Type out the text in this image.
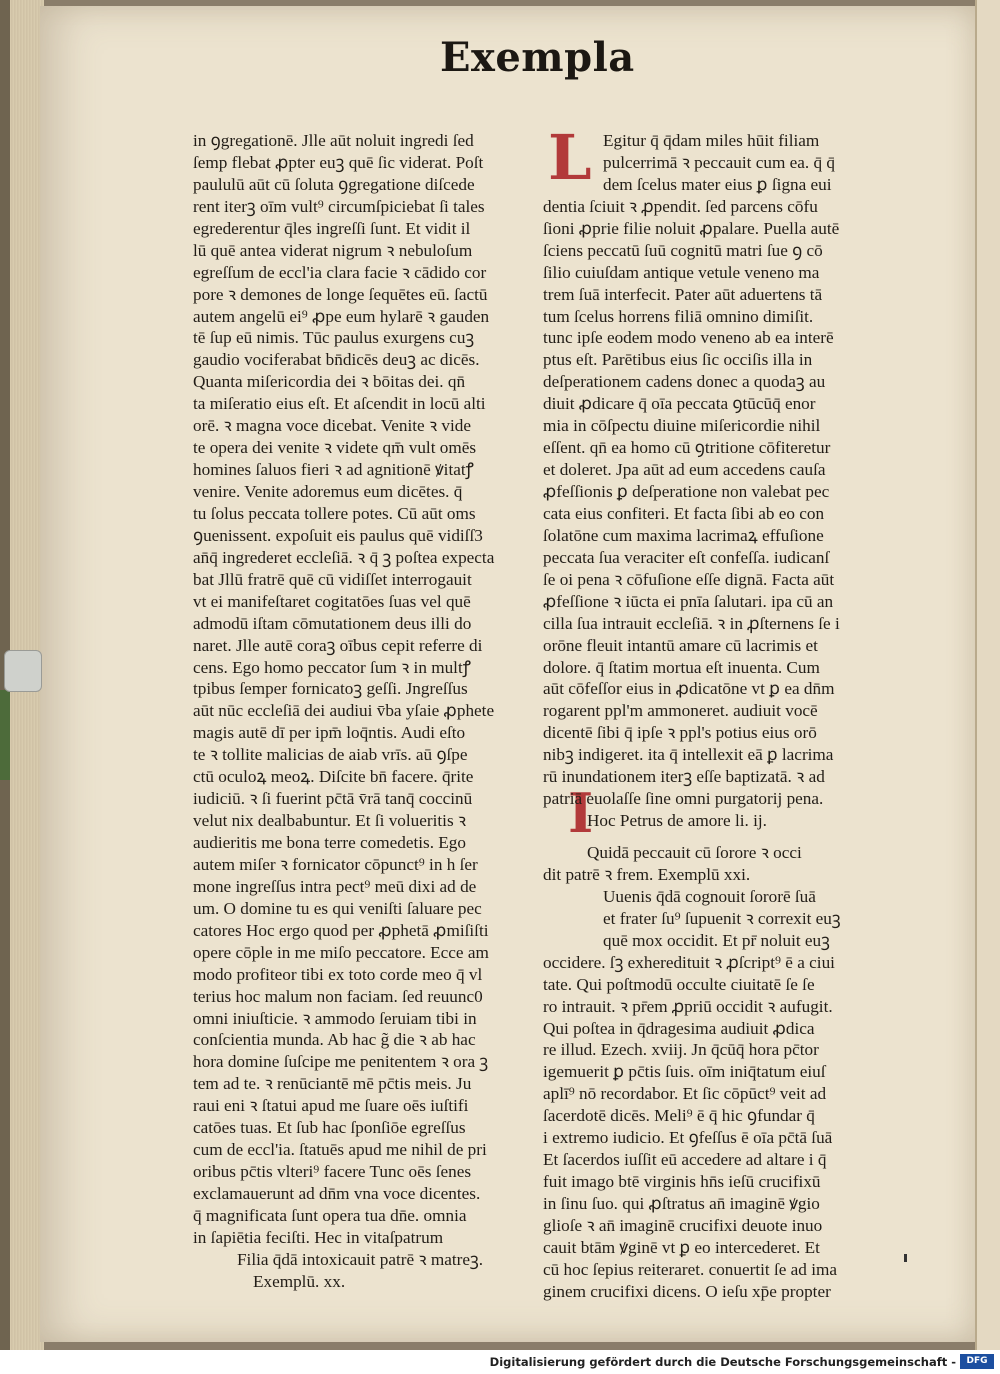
Exempla
L
I
in ꝯgregationē. Jlle aūt noluit ingredi ſed
ſemp flebat ꝓpter euꝫ quē ſic viderat. Poſt
paululū aūt cū ſoluta ꝯgregatione diſcede
rent iterꝫ oīm vult⁹ circumſpiciebat ſi tales
egrederentur q̄les ingreſſi ſunt. Et vidit il
lū quē antea viderat nigrum ꝛ nebuloſum
egreſſum de eccl'ia clara facie ꝛ cādido cor
pore ꝛ demones de longe ſequētes eū. ſactū
autem angelū ei⁹ ꝓpe eum hylarē ꝛ gauden
tē ſup eū nimis. Tūc paulus exurgens cuꝫ
gaudio vociferabat bn̄dicēs deuꝫ ac dicēs.
Quanta miſericordia dei ꝛ bōitas dei. qn̄
ta miſeratio eius eſt. Et aſcendit in locū alti
orē. ꝛ magna voce dicebat. Venite ꝛ vide
te opera dei venite ꝛ videte qm̄ vult omēs
homines ſaluos fieri ꝛ ad agnitionē ꝟitatꝭ
venire. Venite adoremus eum dicētes. q̄
tu ſolus peccata tollere potes. Cū aūt oms
ꝯuenissent. expoſuit eis paulus quē vidiſſ3
an̄q̄ ingrederet eccleſiā. ꝛ q̄ ꝫ poſtea expecta
bat Jllū fratrē quē cū vidiſſet interrogauit
vt ei manifeſtaret cogitatōes ſuas vel quē
admodū iſtam cōmutationem deus illi do
naret. Jlle autē coraꝫ oībus cepit referre di
cens. Ego homo peccator ſum ꝛ in multꝭ
tpibus ſemper fornicatoꝫ geſſi. Jngreſſus
aūt nūc eccleſiā dei audiui v̄ba yſaie ꝓphete
magis autē dī per ipm̄ loq̄ntis. Audi eſto
te ꝛ tollite malicias de aiab vrīs. aū ꝯſpe
ctū oculoꝝ meoꝝ. Diſcite bn̄ facere. q̄rite
iudiciū. ꝛ ſi fuerint pc̄tā v̄rā tanq̄ coccinū
velut nix dealbabuntur. Et ſi volueritis ꝛ
audieritis me bona terre comedetis. Ego
autem miſer ꝛ fornicator cōpunct⁹ in h ſer
mone ingreſſus intra pect⁹ meū dixi ad de
um. O domine tu es qui veniſti ſaluare pec
catores Hoc ergo quod per ꝓphetā ꝓmiſiſti
opere cōple in me miſo peccatore. Ecce am
modo profiteor tibi ex toto corde meo q̄ vl
terius hoc malum non faciam. ſed reuunc0
omni iniuſticie. ꝛ ammodo ſeruiam tibi in
conſcientia munda. Ab hac g̃ die ꝛ ab hac
hora domine ſuſcipe me penitentem ꝛ ora ꝫ
tem ad te. ꝛ renūciantē mē pc̄tis meis. Ju
raui eni ꝛ ſtatui apud me ſuare oēs iuſtifi
catōes tuas. Et ſub hac ſponſiōe egreſſus
cum de eccl'ia. ſtatuēs apud me nihil de pri
oribus pc̄tis vlteri⁹ facere Tunc oēs ſenes
exclamauerunt ad dn̄m vna voce dicentes.
q̄ magnificata ſunt opera tua dn̄e. omnia
in ſapiētia feciſti. Hec in vitaſpatrum
Filia q̄dā intoxicauit patrē ꝛ matreꝫ.
Exemplū. xx.
Egitur q̄ q̄dam miles hūit filiam
pulcerrimā ꝛ peccauit cum ea. q̄ q̄
dem ſcelus mater eius ꝑ ſigna eui
dentia ſciuit ꝛ ꝓpendit. ſed parcens cōfu
ſioni ꝓprie filie noluit ꝓpalare. Puella autē
ſciens peccatū ſuū cognitū matri ſue ꝯ cō
ſilio cuiuſdam antique vetule veneno ma
trem ſuā interfecit. Pater aūt aduertens tā
tum ſcelus horrens filiā omnino dimiſit.
tunc ipſe eodem modo veneno ab ea interē
ptus eſt. Parētibus eius ſic occiſis illa in
deſperationem cadens donec a quodaꝫ au
diuit ꝓdicare q̄ oīa peccata ꝯtūcūq̄ enor
mia in cōſpectu diuine miſericordie nihil
eſſent. qn̄ ea homo cū ꝯtritione cōfiteretur
et doleret. Jpa aūt ad eum accedens cauſa
ꝓfeſſionis ꝑ deſperatione non valebat pec
cata eius confiteri. Et facta ſibi ab eo con
ſolatōne cum maxima lacrimaꝝ effuſione
peccata ſua veraciter eſt confeſſa. iudicanſ
ſe oi pena ꝛ cōfuſione eſſe dignā. Facta aūt
ꝓfeſſione ꝛ iūcta ei pnīa ſalutari. ipa cū an
cilla ſua intrauit eccleſiā. ꝛ in ꝓſternens ſe i
orōne fleuit intantū amare cū lacrimis et
dolore. q̄ ſtatim mortua eſt inuenta. Cum
aūt cōfeſſor eius in ꝓdicatōne vt ꝑ ea dn̄m
rogarent ppl'm ammoneret. audiuit vocē
dicentē ſibi q̄ ipſe ꝛ ppl's potius eius orō
nibꝫ indigeret. ita q̄ intellexit eā ꝑ lacrima
rū inundationem iterꝫ eſſe baptizatā. ꝛ ad
patriā euolaſſe ſine omni purgatorij pena.
Hoc Petrus de amore li. ij.
Quidā peccauit cū ſorore ꝛ occi
dit patrē ꝛ frem. Exemplū xxi.
Uuenis q̄dā cognouit ſororē ſuā
et frater ſu⁹ ſupuenit ꝛ correxit euꝫ
quē mox occidit. Et pr̄ noluit euꝫ
occidere. ſꝫ exheredituit ꝛ ꝓſcript⁹ ē a ciui
tate. Qui poſtmodū occulte ciuitatē ſe ſe
ro intrauit. ꝛ pr̄em ꝓpriū occidit ꝛ aufugit.
Qui poſtea in q̄dragesima audiuit ꝓdica
re illud. Ezech. xviij. Jn q̄cūq̄ hora pc̄tor
igemuerit ꝑ pc̄tis ſuis. oīm iniq̄tatum eiuſ
aplī⁹ nō recordabor. Et ſic cōpūct⁹ veit ad
ſacerdotē dicēs. Meli⁹ ē q̄ hic ꝯfundar q̄
i extremo iudicio. Et ꝯfeſſus ē oīa pc̄tā ſuā
Et ſacerdos iuſſit eū accedere ad altare i q̄
fuit imago btē virginis hn̄s ieſū crucifixū
in ſinu ſuo. qui ꝓſtratus an̄ imaginē ꝟgio
glioſe ꝛ an̄ imaginē crucifixi deuote inuo
cauit btām ꝟginē vt ꝑ eo intercederet. Et
cū hoc ſepius reiteraret. conuertit ſe ad ima
ginem crucifixi dicens. O ieſu xp̄e propter
Digitalisierung gefördert durch die Deutsche Forschungsgemeinschaft -	DFG
